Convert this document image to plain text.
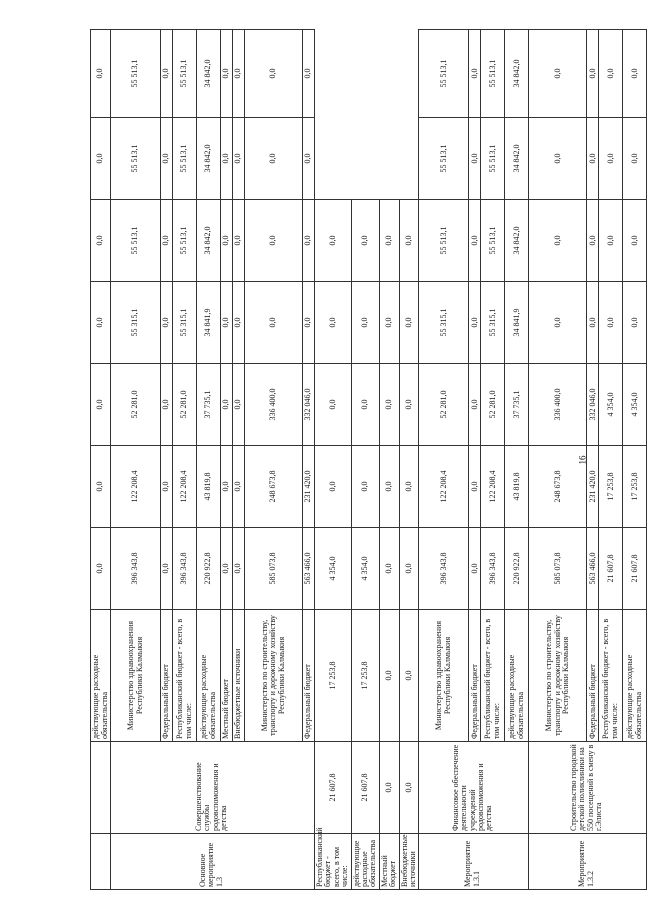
		действующие расходные обязательства	0,0	0,0	0,0	0,0	0,0	0,0	0,0

Основное мероприятие 1.3	Совершенствование службы родовспоможения и детства	Министерство здравоохранения Республики Калмыкия	396 343,8	122 208,4	52 281,0	55 315,1	55 513,1	55 513,1	55 513,1
		Федеральный бюджет	0,0	0,0	0,0	0,0	0,0	0,0	0,0
		Республиканский бюджет - всего, в том числе:	396 343,8	122 208,4	52 281,0	55 315,1	55 513,1	55 513,1	55 513,1
		действующие расходные обязательства	220 922,8	43 819,8	37 735,1	34 841,9	34 842,0	34 842,0	34 842,0
		Местный бюджет	0,0	0,0	0,0	0,0	0,0	0,0	0,0
		Внебюджетные источники	0,0	0,0	0,0	0,0	0,0	0,0	0,0
		Министерство по строительству, транспорту и дорожному хозяйству Республики Калмыкия	585 073,8	248 673,8	336 400,0	0,0	0,0	0,0	0,0
		Федеральный бюджет	563 466,0	231 420,0	332 046,0	0,0	0,0	0,0	0,0
Республиканский бюджет - всего, в том числе:	21 607,8	17 253,8	4 354,0	0,0	0,0	0,0	0,0		
действующие расходные обязательства	21 607,8	17 253,8	4 354,0	0,0	0,0	0,0	0,0		
Местный бюджет	0,0	0,0	0,0	0,0	0,0	0,0	0,0		
Внебюджетные источники	0,0	0,0	0,0	0,0	0,0	0,0	0,0		

Мероприятие 1.3.1	Финансовое обеспечение деятельности учреждений родовспоможения и детства	Министерство здравоохранения Республики Калмыкия	396 343,8	122 208,4	52 281,0	55 315,1	55 513,1	55 513,1	55 513,1
		Федеральный бюджет	0,0	0,0	0,0	0,0	0,0	0,0	0,0
		Республиканский бюджет - всего, в том числе:	396 343,8	122 208,4	52 281,0	55 315,1	55 513,1	55 513,1	55 513,1
		действующие расходные обязательства	220 922,8	43 819,8	37 735,1	34 841,9	34 842,0	34 842,0	34 842,0

Мероприятие 1.3.2	Строительство городской детской поликлиники на 550 посещений в смену в г.Элиста	Министерство по строительству, транспорту и дорожному хозяйству Республики Калмыкия	585 073,8	248 673,8	336 400,0	0,0	0,0	0,0	0,0
		Федеральный бюджет	563 466,0	231 420,0	332 046,0	0,0	0,0	0,0	0,0
		Республиканский бюджет - всего, в том числе:	21 607,8	17 253,8	4 354,0	0,0	0,0	0,0	0,0
		действующие расходные обязательства	21 607,8	17 253,8	4 354,0	0,0	0,0	0,0	0,0
16
